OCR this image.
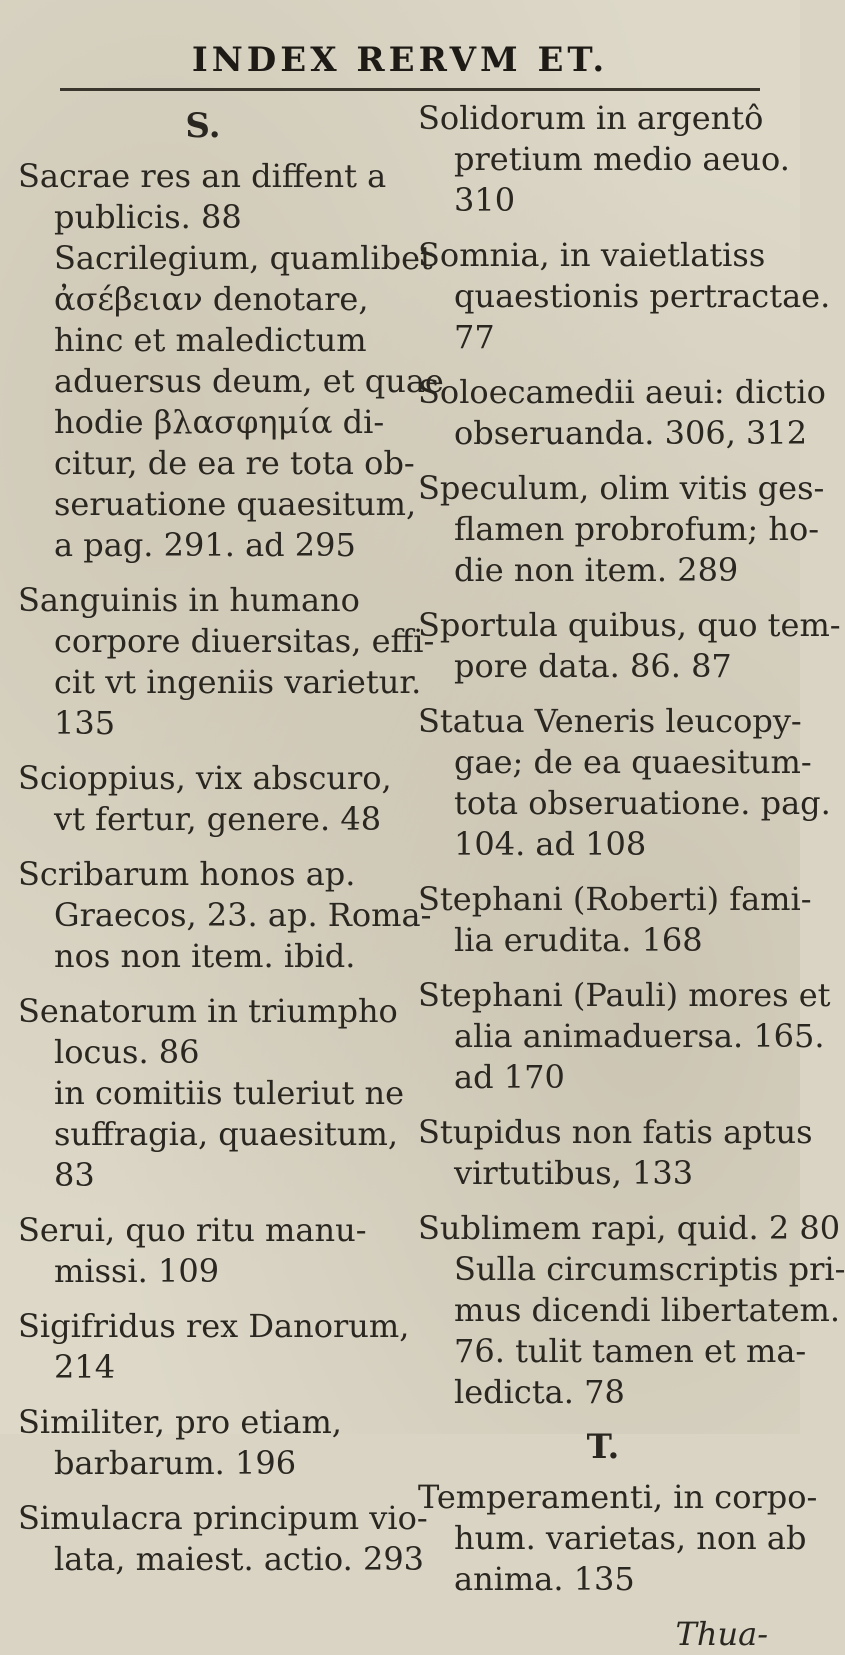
INDEX RERVM ET.
S.
Sacrae res an diffent a
publicis. 88
Sacrilegium, quamlibet
ἀσέβειαν denotare,
hinc et maledictum
aduersus deum, et quae
hodie βλασφημία di-
citur, de ea re tota ob-
seruatione quaesitum,
a pag. 291. ad 295
Sanguinis in humano
corpore diuersitas, effi-
cit vt ingeniis varietur.
135
Scioppius, vix abscuro,
vt fertur, genere. 48
Scribarum honos ap.
Graecos, 23. ap. Roma-
nos non item. ibid.
Senatorum in triumpho
locus. 86
in comitiis tuleriut ne
suffragia, quaesitum,
83
Serui, quo ritu manu-
missi. 109
Sigifridus rex Danorum,
214
Similiter, pro etiam,
barbarum. 196
Simulacra principum vio-
lata, maiest. actio. 293
Solidorum in argentô
pretium medio aeuo.
310
Somnia, in vaietlatiss
quaestionis pertractae.
77
Soloecamedii aeui: dictio
obseruanda. 306, 312
Speculum, olim vitis ges-
flamen probrofum; ho-
die non item. 289
Sportula quibus, quo tem-
pore data. 86. 87
Statua Veneris leucopy-
gae; de ea quaesitum-
tota obseruatione. pag.
104. ad 108
Stephani (Roberti) fami-
lia erudita. 168
Stephani (Pauli) mores et
alia animaduersa. 165.
ad 170
Stupidus non fatis aptus
virtutibus, 133
Sublimem rapi, quid. 2 80
Sulla circumscriptis pri-
mus dicendi libertatem.
76. tulit tamen et ma-
ledicta. 78
T.
Temperamenti, in corpo-
hum. varietas, non ab
anima. 135
Thua-
